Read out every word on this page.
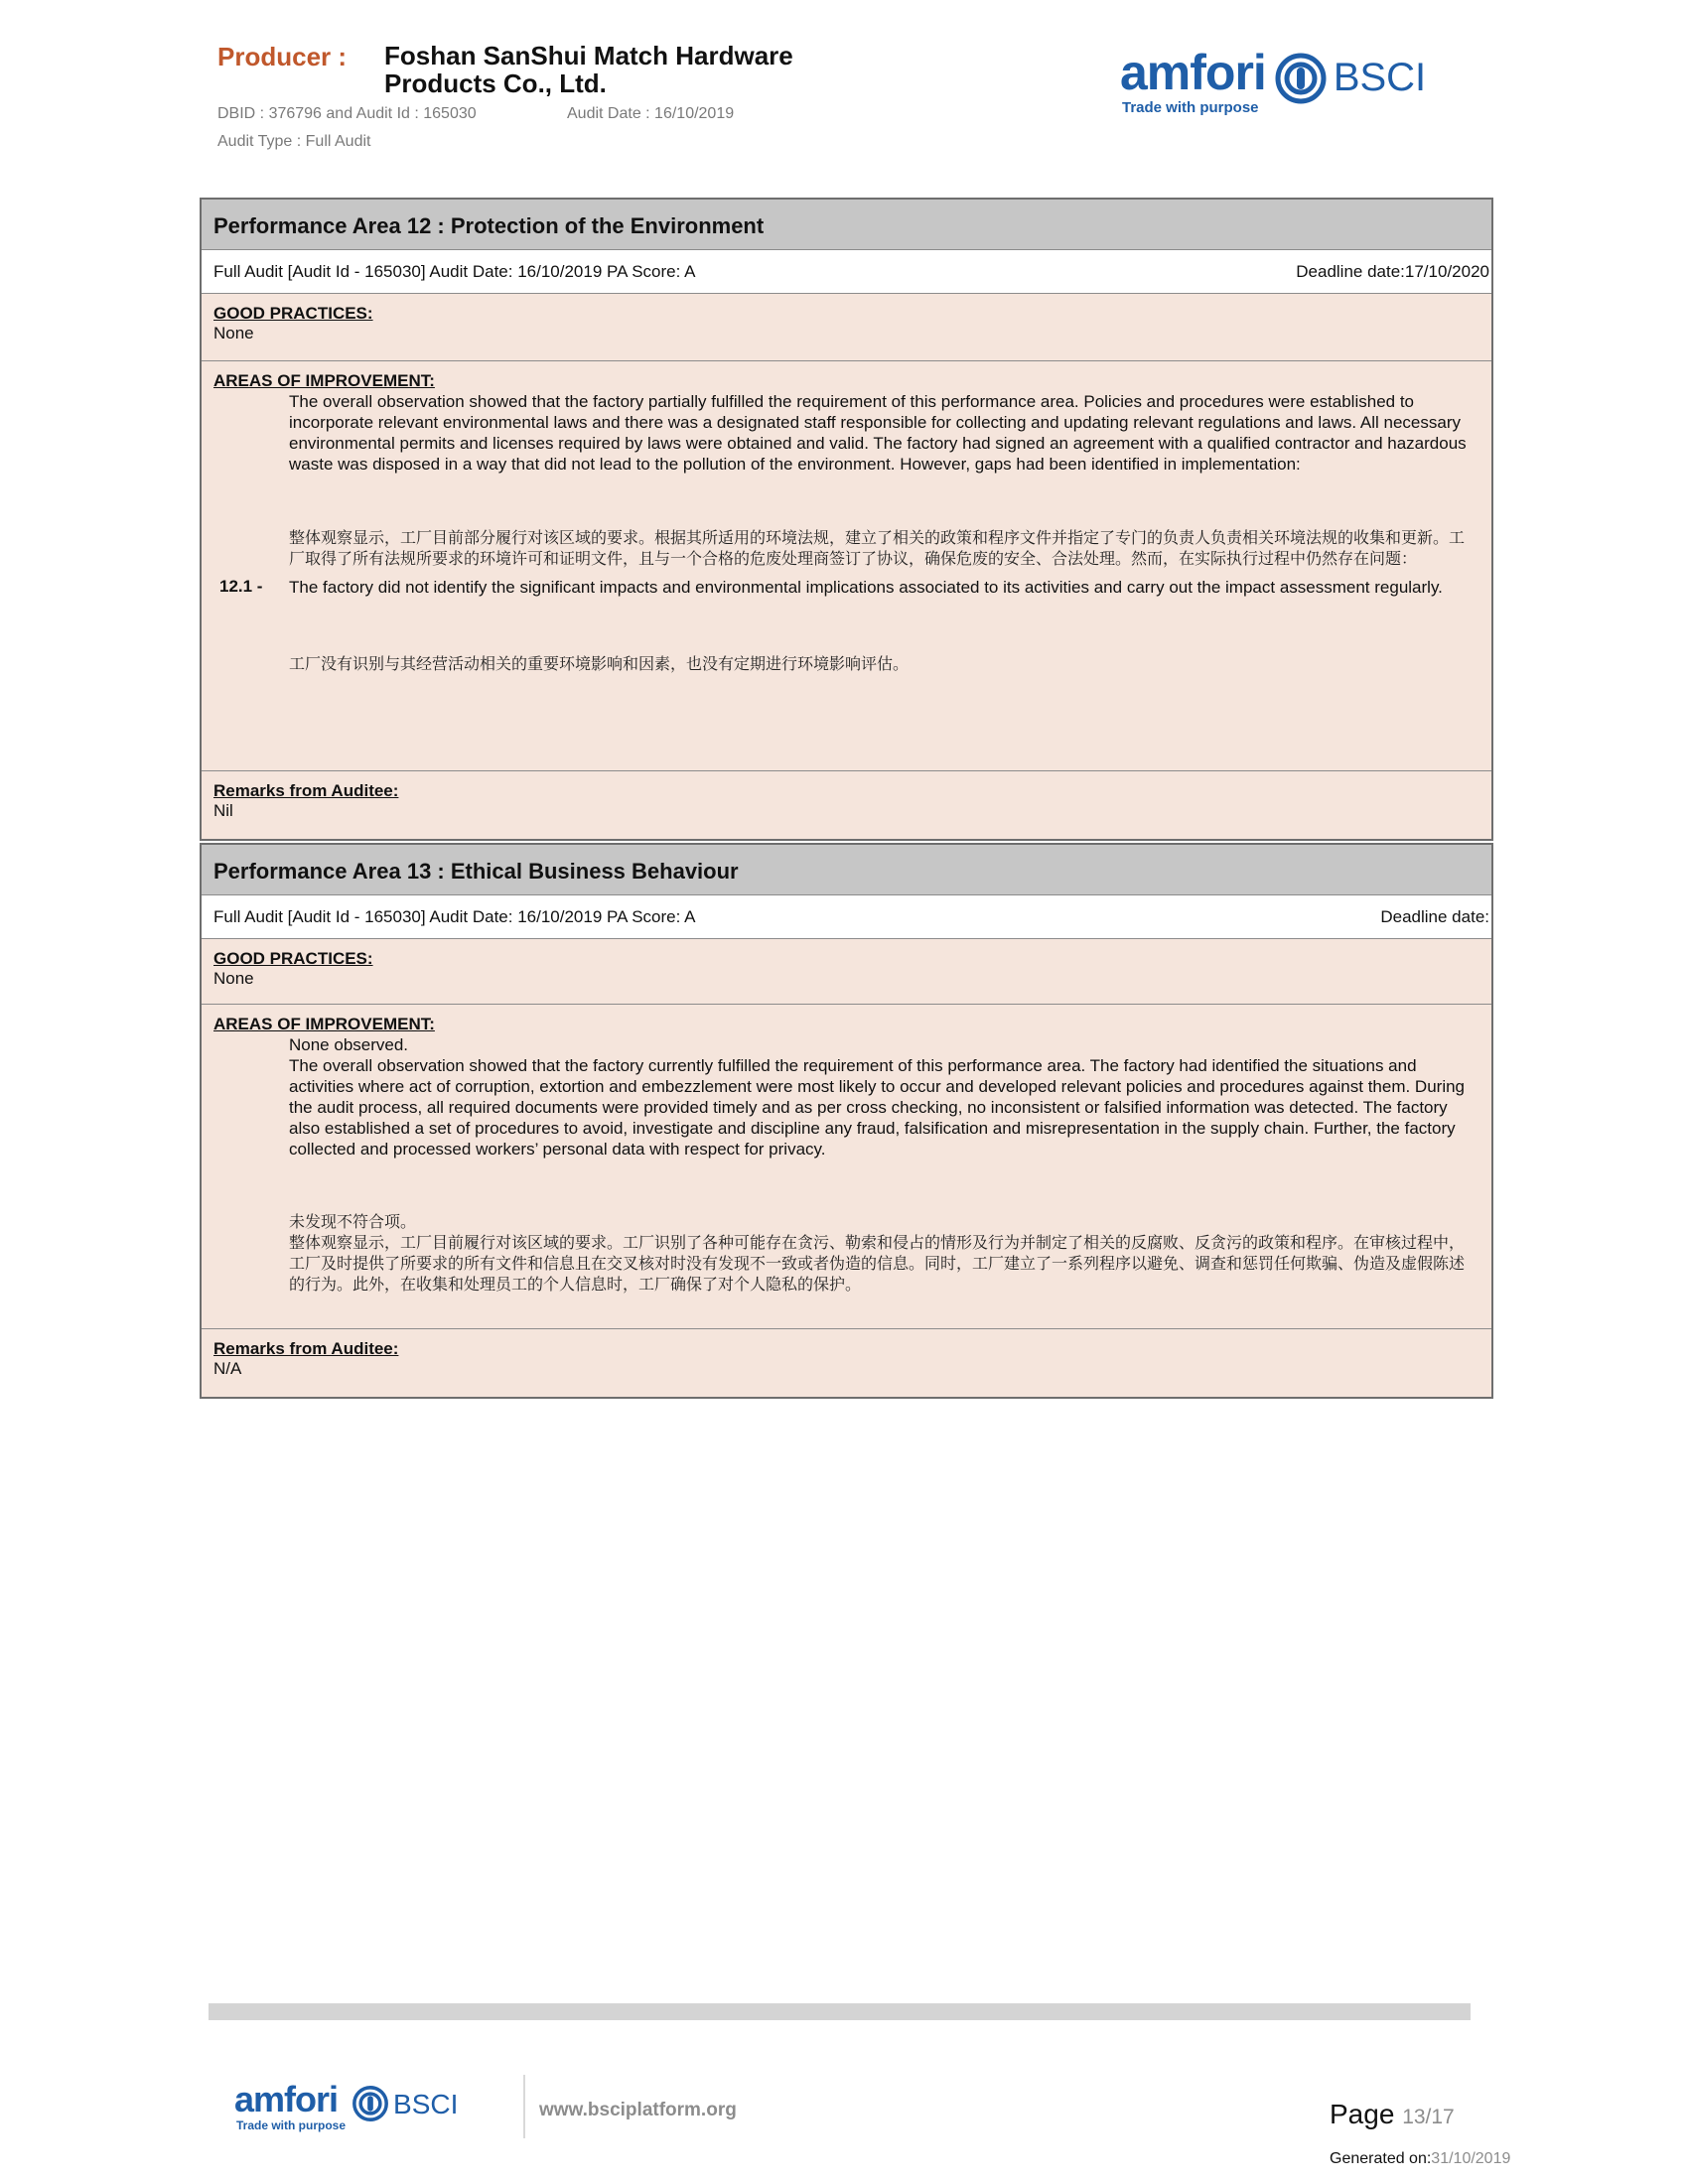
Producer : Foshan SanShui Match Hardware Products Co., Ltd.
DBID : 376796 and Audit Id : 165030	Audit Date : 16/10/2019
Audit Type : Full Audit
amfori
Trade with purpose
BSCI
Performance Area 12 : Protection of the Environment
Full Audit [Audit Id - 165030] Audit Date: 16/10/2019 PA Score: A	Deadline date:17/10/2020
GOOD PRACTICES:
None
AREAS OF IMPROVEMENT:
The overall observation showed that the factory partially fulfilled the requirement of this performance area. Policies and procedures were established to incorporate relevant environmental laws and there was a designated staff responsible for collecting and updating relevant regulations and laws. All necessary environmental permits and licenses required by laws were obtained and valid. The factory had signed an agreement with a qualified contractor and hazardous waste was disposed in a way that did not lead to the pollution of the environment. However, gaps had been identified in implementation:
整体观察显示，工厂目前部分履行对该区域的要求。根据其所适用的环境法规，建立了相关的政策和程序文件并指定了专门的负责人负责相关环境法规的收集和更新。工厂取得了所有法规所要求的环境许可和证明文件，且与一个合格的危废处理商签订了协议，确保危废的安全、合法处理。然而，在实际执行过程中仍然存在问题：
12.1 - The factory did not identify the significant impacts and environmental implications associated to its activities and carry out the impact assessment regularly.
工厂没有识别与其经营活动相关的重要环境影响和因素，也没有定期进行环境影响评估。
Remarks from Auditee:
Nil
Performance Area 13 : Ethical Business Behaviour
Full Audit [Audit Id - 165030] Audit Date: 16/10/2019 PA Score: A	Deadline date:
GOOD PRACTICES:
None
AREAS OF IMPROVEMENT:
None observed.
The overall observation showed that the factory currently fulfilled the requirement of this performance area. The factory had identified the situations and activities where act of corruption, extortion and embezzlement were most likely to occur and developed relevant policies and procedures against them. During the audit process, all required documents were provided timely and as per cross checking, no inconsistent or falsified information was detected. The factory also established a set of procedures to avoid, investigate and discipline any fraud, falsification and misrepresentation in the supply chain. Further, the factory collected and processed workers’ personal data with respect for privacy.
未发现不符合项。
整体观察显示，工厂目前履行对该区域的要求。工厂识别了各种可能存在贪污、勒索和侵占的情形及行为并制定了相关的反腐败、反贪污的政策和程序。在审核过程中，工厂及时提供了所要求的所有文件和信息且在交叉核对时没有发现不一致或者伪造的信息。同时，工厂建立了一系列程序以避免、调查和惩罚任何欺骗、伪造及虚假陈述的行为。此外，在收集和处理员工的个人信息时，工厂确保了对个人隐私的保护。
Remarks from Auditee:
N/A
amfori
Trade with purpose
BSCI	www.bsciplatform.org	Page 13/17
Generated on:31/10/2019
